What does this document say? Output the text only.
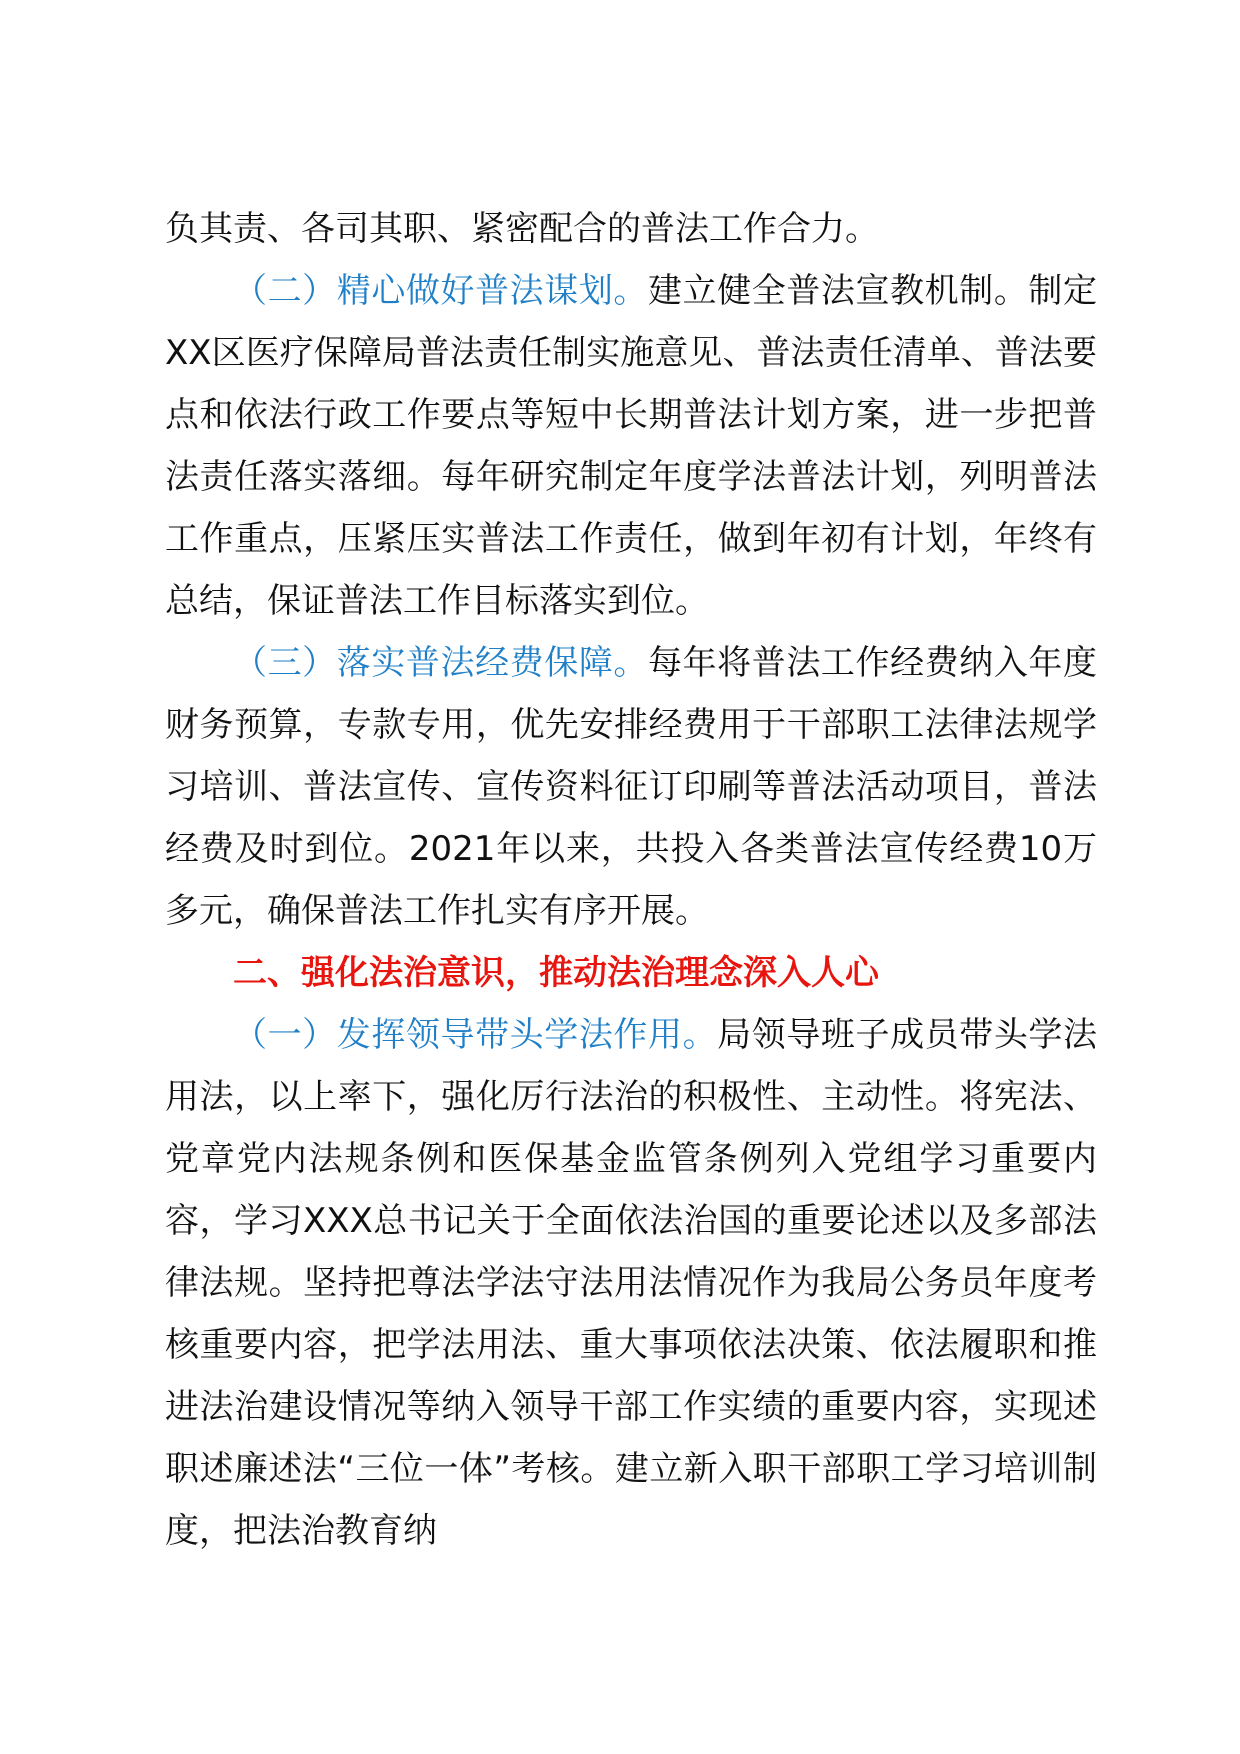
负其责、各司其职、紧密配合的普法工作合力。

（二）精心做好普法谋划。建立健全普法宣教机制。制定XX区医疗保障局普法责任制实施意见、普法责任清单、普法要点和依法行政工作要点等短中长期普法计划方案，进一步把普法责任落实落细。每年研究制定年度学法普法计划，列明普法工作重点，压紧压实普法工作责任，做到年初有计划，年终有总结，保证普法工作目标落实到位。

（三）落实普法经费保障。每年将普法工作经费纳入年度财务预算，专款专用，优先安排经费用于干部职工法律法规学习培训、普法宣传、宣传资料征订印刷等普法活动项目，普法经费及时到位。2021年以来，共投入各类普法宣传经费10万多元，确保普法工作扎实有序开展。

二、强化法治意识，推动法治理念深入人心

（一）发挥领导带头学法作用。局领导班子成员带头学法用法，以上率下，强化厉行法治的积极性、主动性。将宪法、党章党内法规条例和医保基金监管条例列入党组学习重要内容，学习XXX总书记关于全面依法治国的重要论述以及多部法律法规。坚持把尊法学法守法用法情况作为我局公务员年度考核重要内容，把学法用法、重大事项依法决策、依法履职和推进法治建设情况等纳入领导干部工作实绩的重要内容，实现述职述廉述法“三位一体”考核。建立新入职干部职工学习培训制度，把法治教育纳
